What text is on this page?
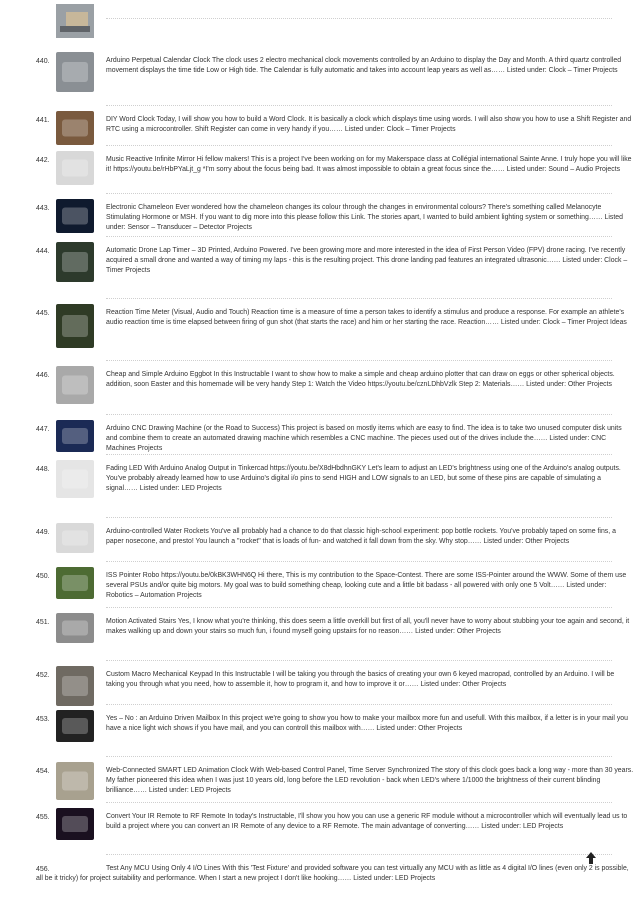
440.	Arduino Perpetual Calendar Clock The clock uses 2 electro mechanical clock movements controlled by an Arduino to display the Day and Month. A third quartz controlled movement displays the time tide Low or High tide. The Calendar is fully automatic and takes into account leap years as well as…… Listed under: Clock – Timer Projects
441.	DIY Word Clock Today, I will show you how to build a Word Clock. It is basically a clock which displays time using words. I will also show you how to use a Shift Register and RTC using a microcontroller. Shift Register can come in very handy if you…… Listed under: Clock – Timer Projects
442.	Music Reactive Infinite Mirror Hi fellow makers! This is a project I've been working on for my Makerspace class at Collégial international Sainte Anne. I truly hope you will like it! https://youtu.be/rHbPYaLjt_g *I'm sorry about the focus being bad. It was almost impossible to obtain a great focus since the…… Listed under: Sound – Audio Projects
443.	Electronic Chameleon Ever wondered how the chameleon changes its colour through the changes in environmental colours? There's something called Melanocyte Stimulating Hormone or MSH. If you want to dig more into this please follow this Link. The stories apart, I wanted to build ambient lighting system or something…… Listed under: Sensor – Transducer – Detector Projects
444.	Automatic Drone Lap Timer – 3D Printed, Arduino Powered. I've been growing more and more interested in the idea of First Person Video (FPV) drone racing. I've recently acquired a small drone and wanted a way of timing my laps - this is the resulting project. This drone landing pad features an integrated ultrasonic…… Listed under: Clock – Timer Projects
445.	Reaction Time Meter (Visual, Audio and Touch) Reaction time is a measure of time a person takes to identify a stimulus and produce a response. For example an athlete's audio reaction time is time elapsed between firing of gun shot (that starts the race) and him or her starting the race. Reaction…… Listed under: Clock – Timer Project Ideas
446.	Cheap and Simple Arduino Eggbot In this Instructable I want to show how to make a simple and cheap arduino plotter that can draw on eggs or other spherical objects. addition, soon Easter and this homemade will be very handy Step 1: Watch the Video https://youtu.be/cznLDhbVzlk Step 2: Materials…… Listed under: Other Projects
447.	Arduino CNC Drawing Machine (or the Road to Success) This project is based on mostly items which are easy to find. The idea is to take two unused computer disk units and combine them to create an automated drawing machine which resembles a CNC machine. The pieces used out of the drives include the…… Listed under: CNC Machines Projects
448.	Fading LED With Arduino Analog Output in Tinkercad https://youtu.be/X8dHbdhnGKY Let's learn to adjust an LED's brightness using one of the Arduino's analog outputs. You've probably already learned how to use Arduino's digital i/o pins to send HIGH and LOW signals to an LED, but some of these pins are capable of simulating a signal…… Listed under: LED Projects
449.	Arduino-controlled Water Rockets You've all probably had a chance to do that classic high-school experiment: pop bottle rockets. You've probably taped on some fins, a paper nosecone, and presto! You launch a "rocket" that is loads of fun- and watched it fall down from the sky. Why stop…… Listed under: Other Projects
450.	ISS Pointer Robo https://youtu.be/0kBK3WHN6Q Hi there, This is my contribution to the Space-Contest. There are some ISS-Pointer around the WWW. Some of them use several PSUs and/or quite big motors. My goal was to build something cheap, looking cute and a little bit badass - all powered with only one 5 Volt…… Listed under: Robotics – Automation Projects
451.	Motion Activated Stairs Yes, I know what you're thinking, this does seem a little overkill but first of all, you'll never have to worry about stubbing your toe again and second, it makes walking up and down your stairs so much fun, i found myself going upstairs for no reason…… Listed under: Other Projects
452.	Custom Macro Mechanical Keypad In this Instructable I will be taking you through the basics of creating your own 6 keyed macropad, controlled by an Arduino. I will be taking you through what you need, how to assemble it, how to program it, and how to improve it or…… Listed under: Other Projects
453.	Yes – No : an Arduino Driven Mailbox In this project we're going to show you how to make your mailbox more fun and usefull. With this mailbox, if a letter is in your mail you have a nice light wich shows if you have mail, and you can controll this mailbox with…… Listed under: Other Projects
454.	Web-Connected SMART LED Animation Clock With Web-based Control Panel, Time Server Synchronized The story of this clock goes back a long way - more than 30 years. My father pioneered this idea when I was just 10 years old, long before the LED revolution - back when LED's where 1/1000 the brightness of their current blinding brilliance…… Listed under: LED Projects
455.	Convert Your IR Remote to RF Remote In today's Instructable, I'll show you how you can use a generic RF module without a microcontroller which will eventually lead us to build a project where you can convert an IR Remote of any device to a RF Remote. The main advantage of converting…… Listed under: LED Projects
456.	Test Any MCU Using Only 4 I/O Lines With this 'Test Fixture' and provided software you can test virtually any MCU with as little as 4 digital I/O lines (even only 2 is possible, all be it tricky) for project suitability and performance. When I start a new project I don't like hooking…… Listed under: LED Projects
